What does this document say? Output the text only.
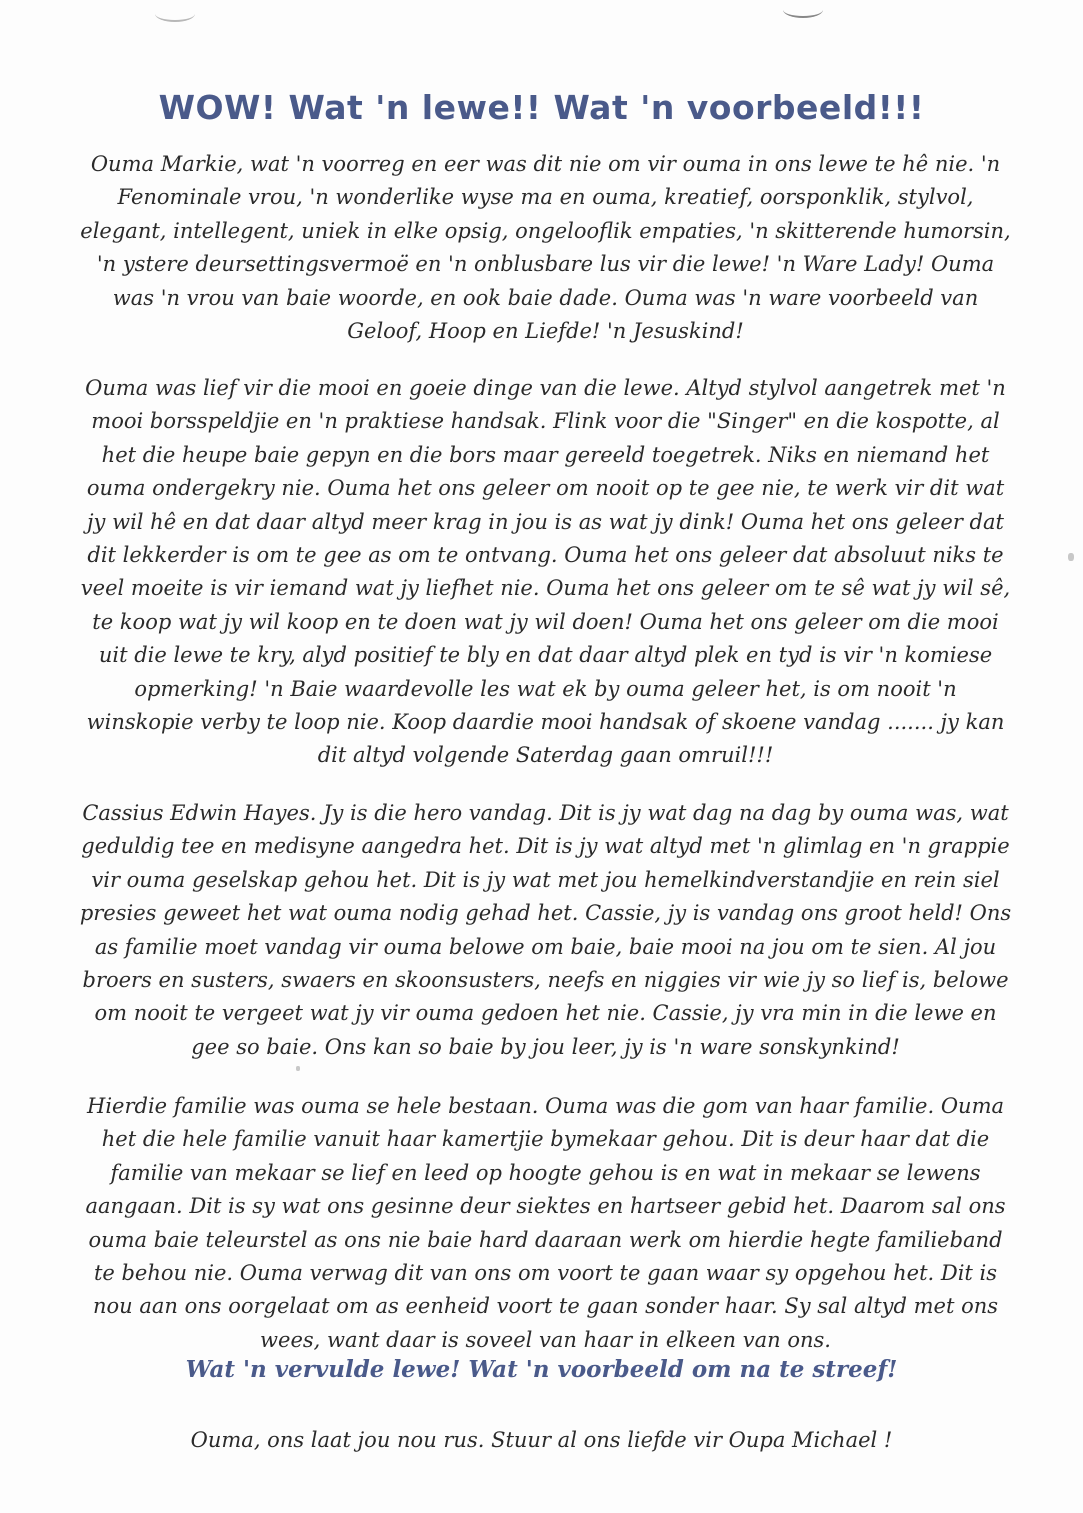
WOW! Wat 'n lewe!! Wat 'n voorbeeld!!!

Ouma Markie, wat 'n voorreg en eer was dit nie om vir ouma in ons lewe te hê nie. 'n Fenominale vrou, 'n wonderlike wyse ma en ouma, kreatief, oorsponklik, stylvol, elegant, intellegent, uniek in elke opsig, ongelooflik empaties, 'n skitterende humorsin, 'n ystere deursettingsvermoë en 'n onblusbare lus vir die lewe! 'n Ware Lady! Ouma was 'n vrou van baie woorde, en ook baie dade. Ouma was 'n ware voorbeeld van Geloof, Hoop en Liefde! 'n Jesuskind!

Ouma was lief vir die mooi en goeie dinge van die lewe. Altyd stylvol aangetrek met 'n mooi borsspeldjie en 'n praktiese handsak. Flink voor die "Singer" en die kospotte, al het die heupe baie gepyn en die bors maar gereeld toegetrek. Niks en niemand het ouma ondergekry nie. Ouma het ons geleer om nooit op te gee nie, te werk vir dit wat jy wil hê en dat daar altyd meer krag in jou is as wat jy dink! Ouma het ons geleer dat dit lekkerder is om te gee as om te ontvang. Ouma het ons geleer dat absoluut niks te veel moeite is vir iemand wat jy liefhet nie. Ouma het ons geleer om te sê wat jy wil sê, te koop wat jy wil koop en te doen wat jy wil doen! Ouma het ons geleer om die mooi uit die lewe te kry, alyd positief te bly en dat daar altyd plek en tyd is vir 'n komiese opmerking! 'n Baie waardevolle les wat ek by ouma geleer het, is om nooit 'n winskopie verby te loop nie. Koop daardie mooi handsak of skoene vandag ....... jy kan dit altyd volgende Saterdag gaan omruil!!!

Cassius Edwin Hayes. Jy is die hero vandag. Dit is jy wat dag na dag by ouma was, wat geduldig tee en medisyne aangedra het. Dit is jy wat altyd met 'n glimlag en 'n grappie vir ouma geselskap gehou het. Dit is jy wat met jou hemelkindverstandjie en rein siel presies geweet het wat ouma nodig gehad het. Cassie, jy is vandag ons groot held! Ons as familie moet vandag vir ouma belowe om baie, baie mooi na jou om te sien. Al jou broers en susters, swaers en skoonsusters, neefs en niggies vir wie jy so lief is, belowe om nooit te vergeet wat jy vir ouma gedoen het nie. Cassie, jy vra min in die lewe en gee so baie. Ons kan so baie by jou leer, jy is 'n ware sonskynkind!

Hierdie familie was ouma se hele bestaan. Ouma was die gom van haar familie. Ouma het die hele familie vanuit haar kamertjie bymekaar gehou. Dit is deur haar dat die familie van mekaar se lief en leed op hoogte gehou is en wat in mekaar se lewens aangaan. Dit is sy wat ons gesinne deur siektes en hartseer gebid het. Daarom sal ons ouma baie teleurstel as ons nie baie hard daaraan werk om hierdie hegte familieband te behou nie. Ouma verwag dit van ons om voort te gaan waar sy opgehou het. Dit is nou aan ons oorgelaat om as eenheid voort te gaan sonder haar. Sy sal altyd met ons wees, want daar is soveel van haar in elkeen van ons.

Wat 'n vervulde lewe! Wat 'n voorbeeld om na te streef!

Ouma, ons laat jou nou rus. Stuur al ons liefde vir Oupa Michael !
